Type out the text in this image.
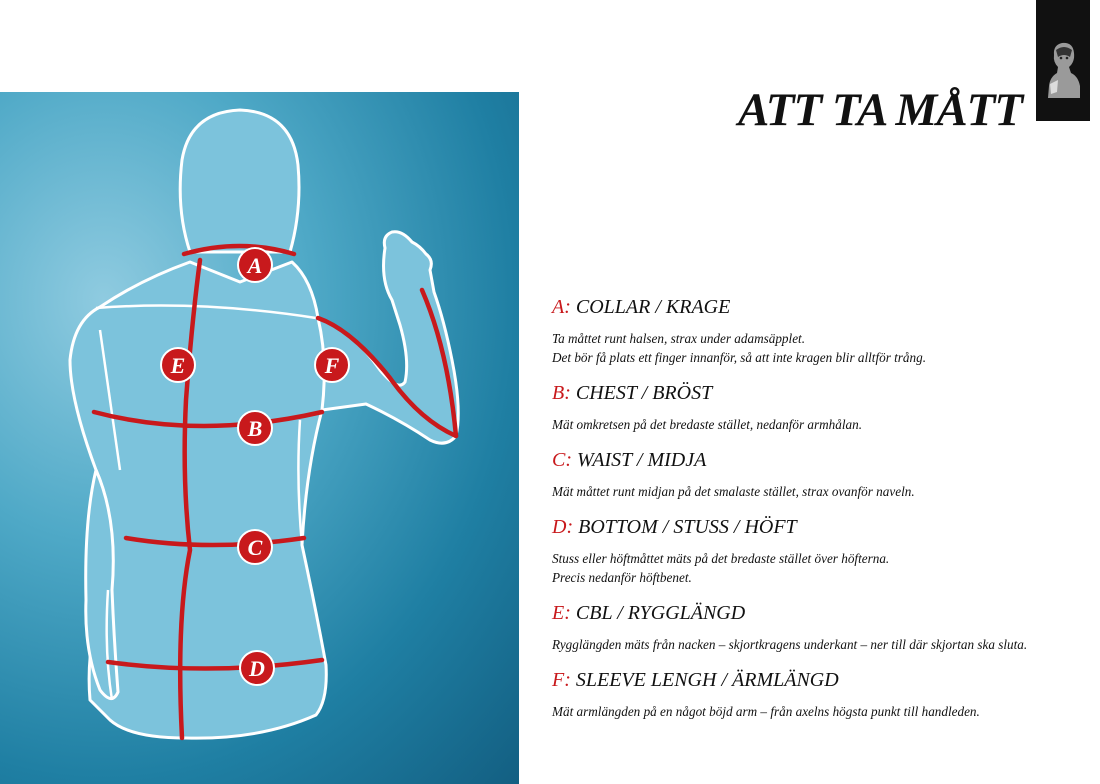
ATT TA MÅTT
A
B
C
D
E	F
A: COLLAR / KRAGE

Ta måttet runt halsen, strax under adamsäpplet.
Det bör få plats ett finger innanför, så att inte kragen blir alltför trång.

B: CHEST / BRÖST

Mät omkretsen på det bredaste stället, nedanför armhålan.

C: WAIST / MIDJA

Mät måttet runt midjan på det smalaste stället, strax ovanför naveln.

D: BOTTOM / STUSS / HÖFT

Stuss eller höftmåttet mäts på det bredaste stället över höfterna.
Precis nedanför höftbenet.

E: CBL / RYGGLÄNGD

Rygglängden mäts från nacken – skjortkragens underkant – ner till där skjortan ska sluta.

F: SLEEVE LENGH / ÄRMLÄNGD

Mät armlängden på en något böjd arm – från axelns högsta punkt till handleden.
